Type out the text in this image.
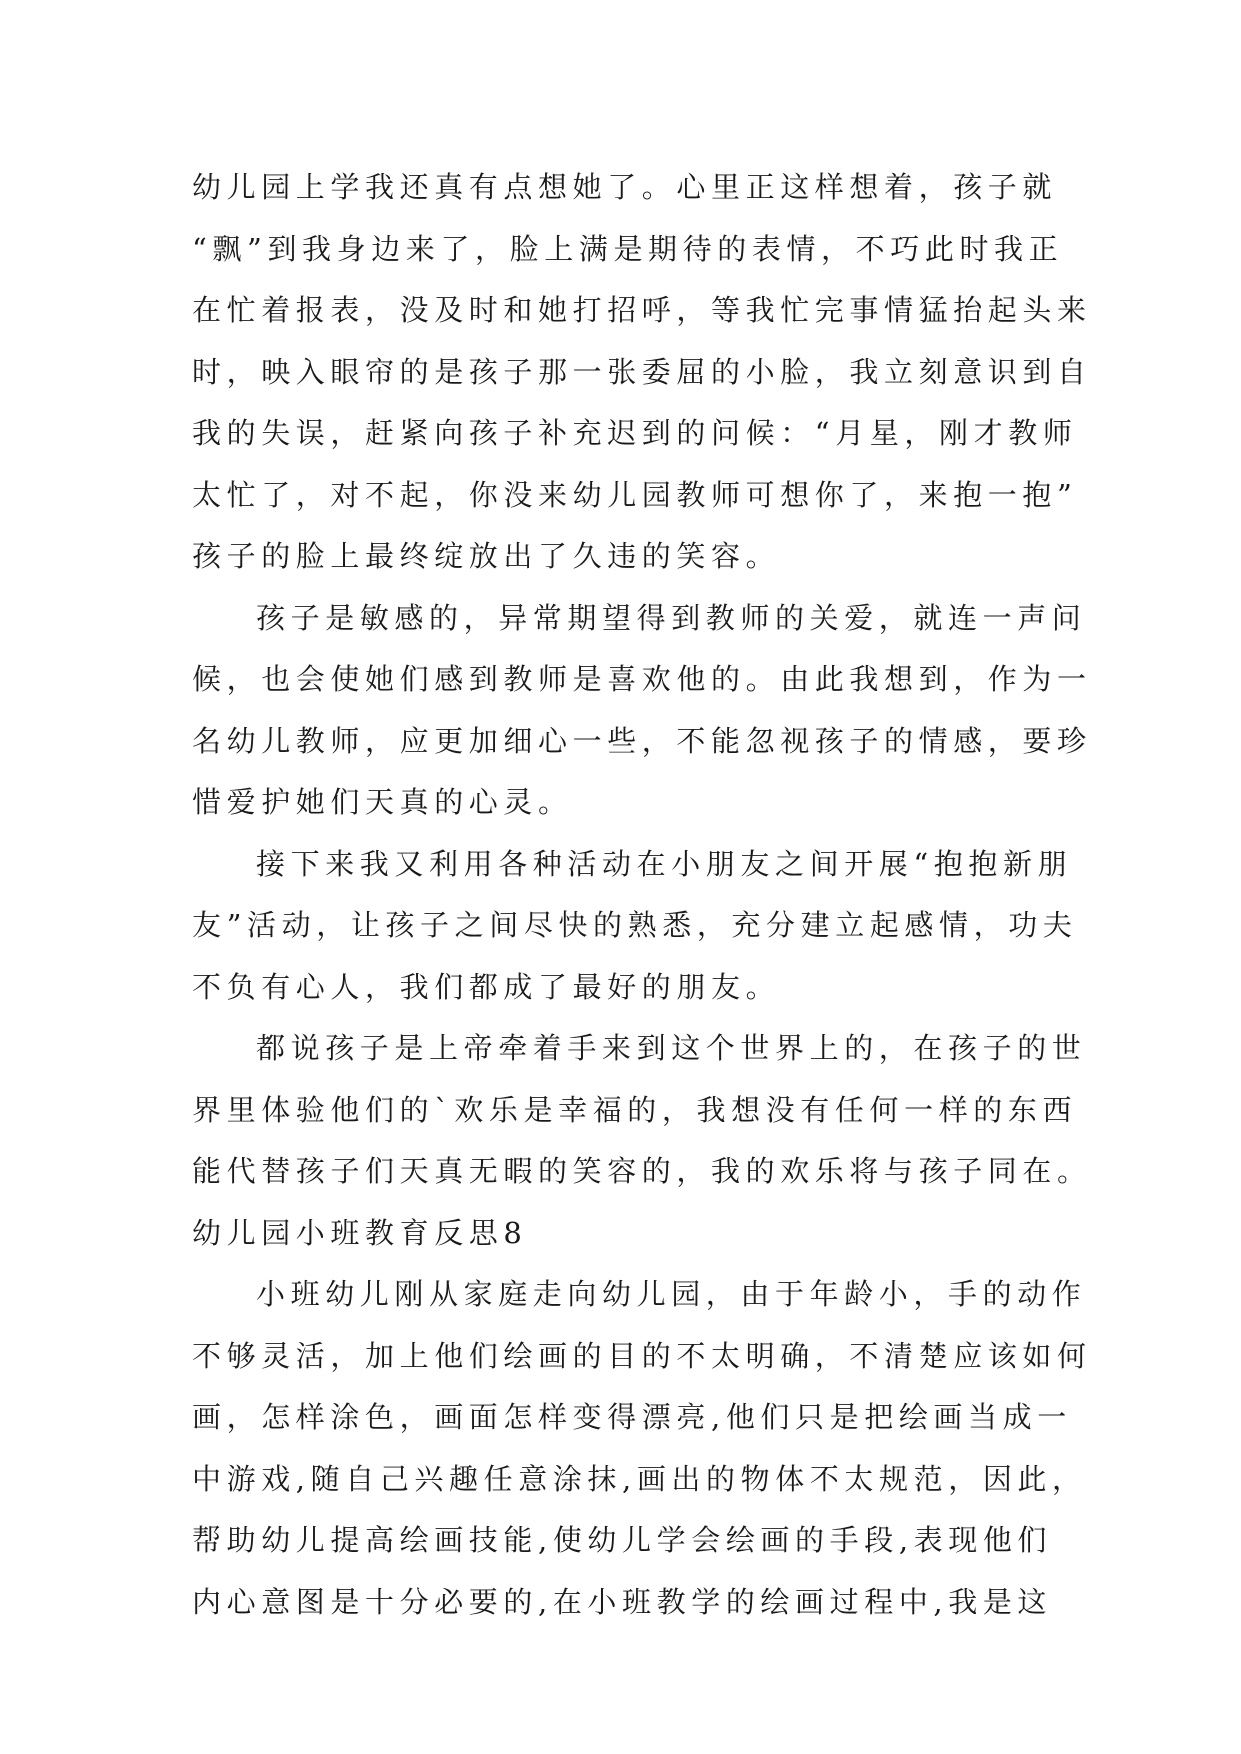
幼儿园上学我还真有点想她了。心里正这样想着，孩子就
“飘”到我身边来了，脸上满是期待的表情，不巧此时我正
在忙着报表，没及时和她打招呼，等我忙完事情猛抬起头来
时，映入眼帘的是孩子那一张委屈的小脸，我立刻意识到自
我的失误，赶紧向孩子补充迟到的问候：“月星，刚才教师
太忙了，对不起，你没来幼儿园教师可想你了，来抱一抱”
孩子的脸上最终绽放出了久违的笑容。
孩子是敏感的，异常期望得到教师的关爱，就连一声问
候，也会使她们感到教师是喜欢他的。由此我想到，作为一
名幼儿教师，应更加细心一些，不能忽视孩子的情感，要珍
惜爱护她们天真的心灵。
接下来我又利用各种活动在小朋友之间开展“抱抱新朋
友”活动，让孩子之间尽快的熟悉，充分建立起感情，功夫
不负有心人，我们都成了最好的朋友。
都说孩子是上帝牵着手来到这个世界上的，在孩子的世
界里体验他们的`欢乐是幸福的，我想没有任何一样的东西
能代替孩子们天真无暇的笑容的，我的欢乐将与孩子同在。
幼儿园小班教育反思8
小班幼儿刚从家庭走向幼儿园，由于年龄小，手的动作
不够灵活，加上他们绘画的目的不太明确，不清楚应该如何
画，怎样涂色，画面怎样变得漂亮,他们只是把绘画当成一
中游戏,随自己兴趣任意涂抹,画出的物体不太规范，因此，
帮助幼儿提高绘画技能,使幼儿学会绘画的手段,表现他们
内心意图是十分必要的,在小班教学的绘画过程中,我是这
